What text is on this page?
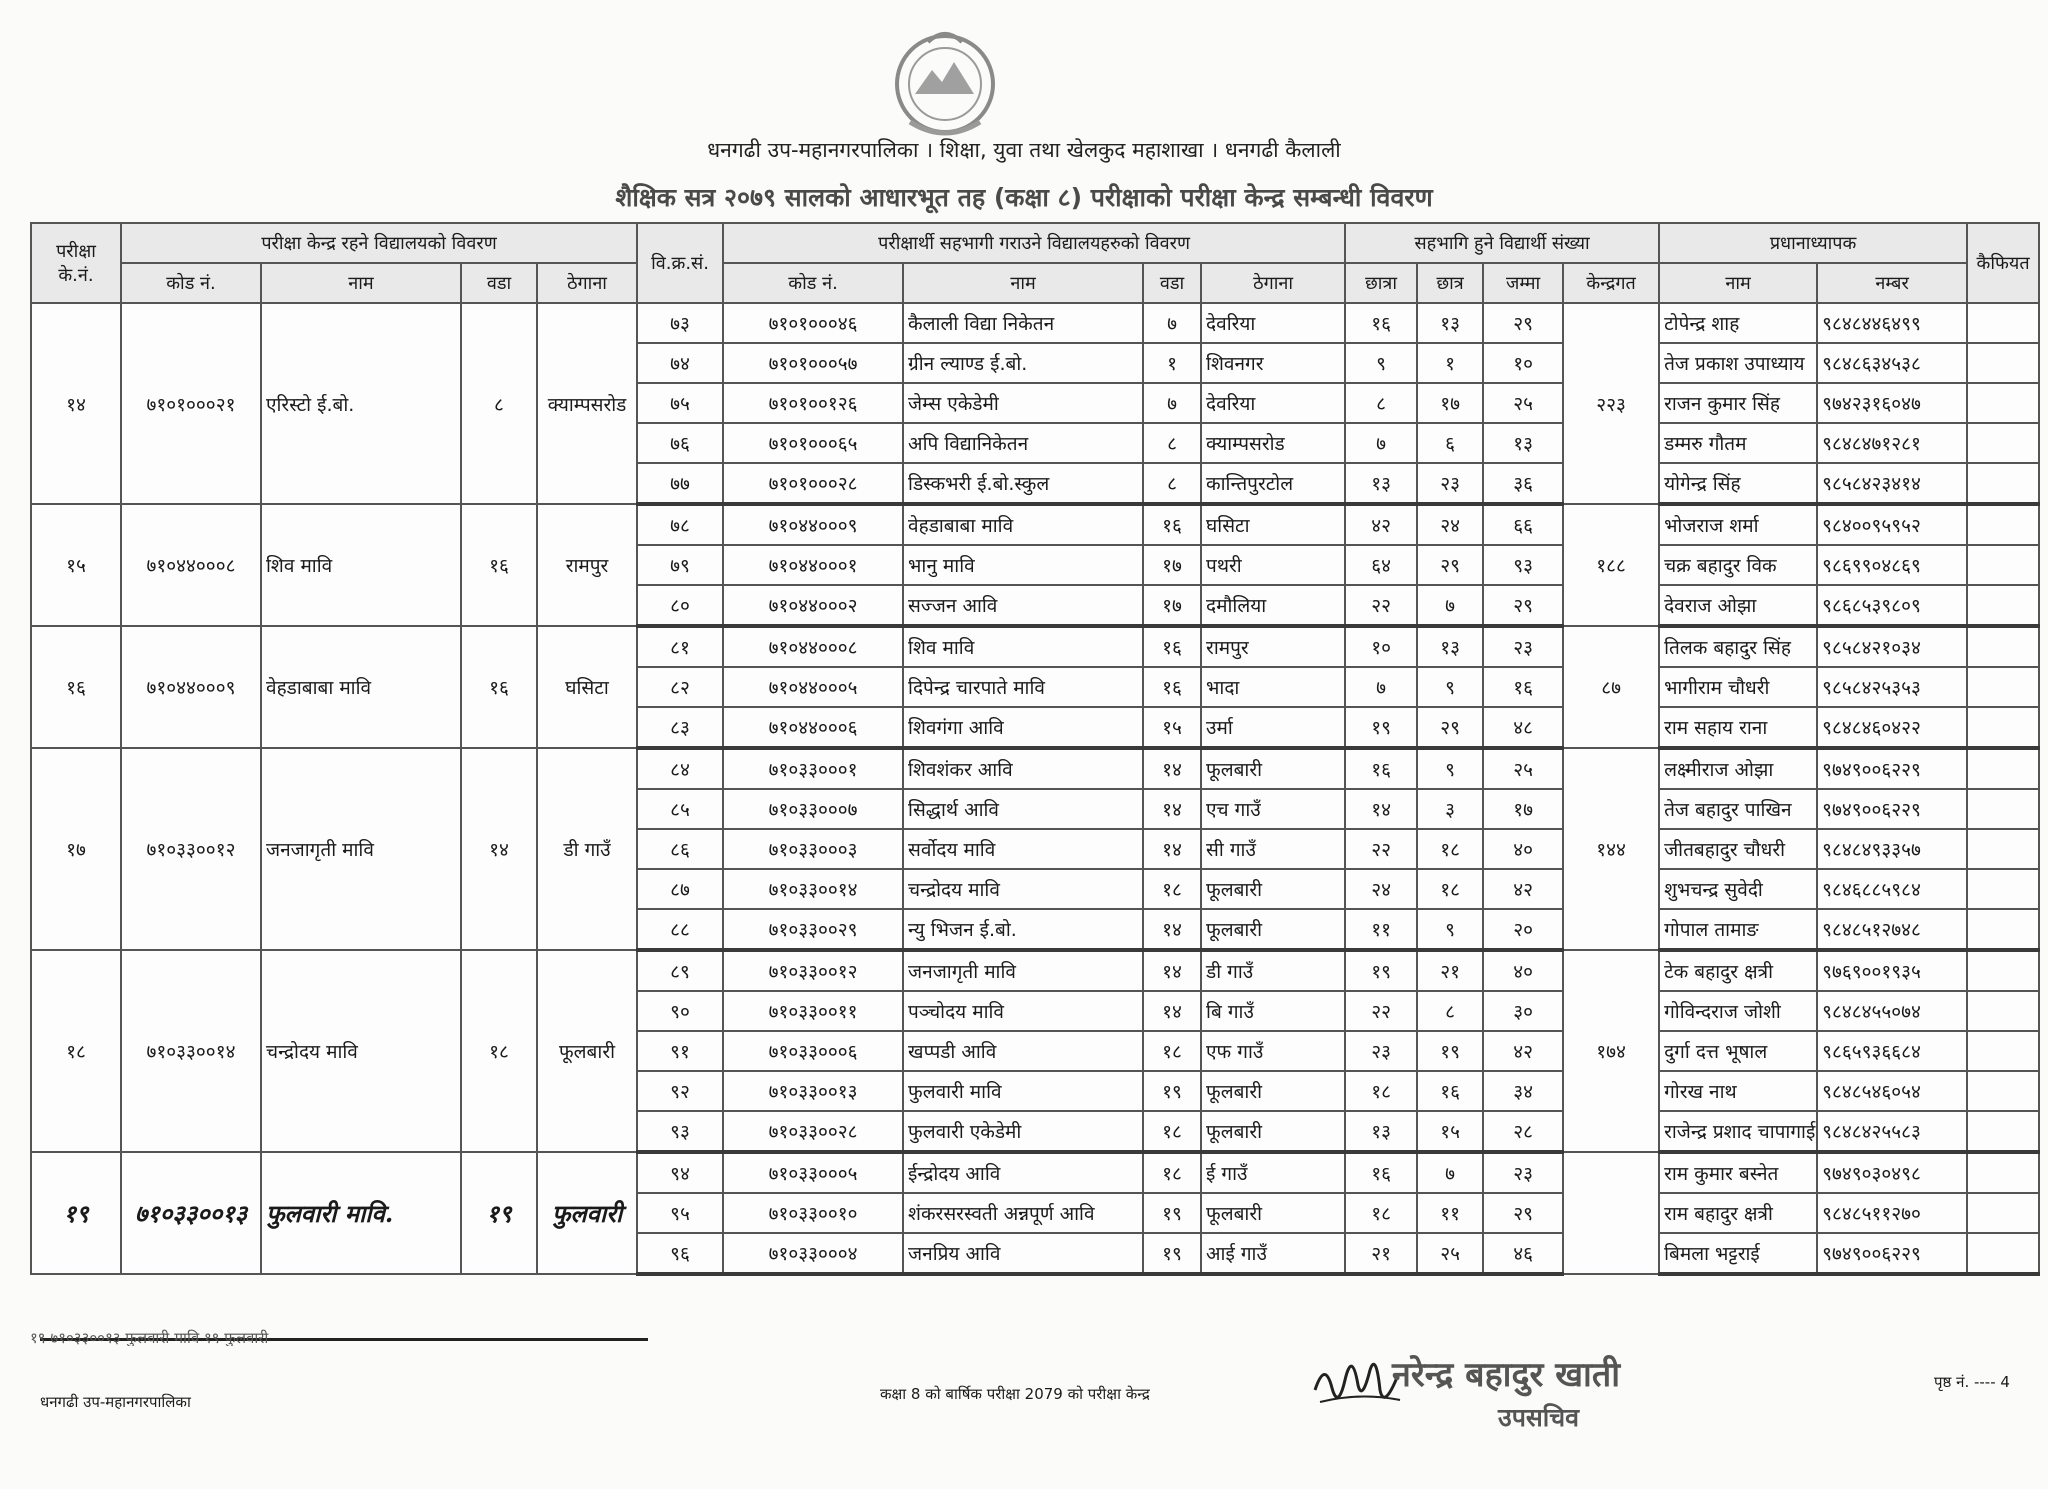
धनगढी उप-महानगरपालिका । शिक्षा, युवा तथा खेलकुद महाशाखा । धनगढी कैलाली
शैक्षिक सत्र २०७९ सालको आधारभूत तह (कक्षा ८) परीक्षाको परीक्षा केन्द्र सम्बन्धी विवरण
परीक्षा के.नं.	परीक्षा केन्द्र रहने विद्यालयको विवरण				वि.क्र.सं.	परीक्षार्थी सहभागी गराउने विद्यालयहरुको विवरण				सहभागि हुने विद्यार्थी संख्या				प्रधानाध्यापक		कैफियत
	कोड नं.	नाम	वडा	ठेगाना		कोड नं.	नाम	वडा	ठेगाना	छात्रा	छात्र	जम्मा	केन्द्रगत	नाम	नम्बर	
१४	७१०१०००२१	एरिस्टो ई.बो.	८	क्याम्पसरोड	७३	७१०१०००४६	कैलाली विद्या निकेतन	७	देवरिया	१६	१३	२९	२२३	टोपेन्द्र शाह	९८४८४४६४९९	
					७४	७१०१०००५७	ग्रीन ल्याण्ड ई.बो.	१	शिवनगर	९	१	१०		तेज प्रकाश उपाध्याय	९८४८६३४५३८	
					७५	७१०१००१२६	जेम्स एकेडेमी	७	देवरिया	८	१७	२५		राजन कुमार सिंह	९७४२३१६०४७	
					७६	७१०१०००६५	अपि विद्यानिकेतन	८	क्याम्पसरोड	७	६	१३		डम्मरु गौतम	९८४८४७१२८१	
					७७	७१०१०००२८	डिस्कभरी ई.बो.स्कुल	८	कान्तिपुरटोल	१३	२३	३६		योगेन्द्र सिंह	९८५८४२३४१४	
१५	७१०४४०००८	शिव मावि	१६	रामपुर	७८	७१०४४०००९	वेहडाबाबा मावि	१६	घसिटा	४२	२४	६६	१८८	भोजराज शर्मा	९८४००९५९५२	
					७९	७१०४४०००१	भानु मावि	१७	पथरी	६४	२९	९३		चक्र बहादुर विक	९८६९९०४८६९	
					८०	७१०४४०००२	सज्जन आवि	१७	दमौलिया	२२	७	२९		देवराज ओझा	९८६८५३९८०९	
१६	७१०४४०००९	वेहडाबाबा मावि	१६	घसिटा	८१	७१०४४०००८	शिव मावि	१६	रामपुर	१०	१३	२३	८७	तिलक बहादुर सिंह	९८५८४२१०३४	
					८२	७१०४४०००५	दिपेन्द्र चारपाते मावि	१६	भादा	७	९	१६		भागीराम चौधरी	९८५८४२५३५३	
					८३	७१०४४०००६	शिवगंगा आवि	१५	उर्मा	१९	२९	४८		राम सहाय राना	९८४८४६०४२२	
१७	७१०३३००१२	जनजागृती मावि	१४	डी गाउँ	८४	७१०३३०००१	शिवशंकर आवि	१४	फूलबारी	१६	९	२५	१४४	लक्ष्मीराज ओझा	९७४९००६२२९	
					८५	७१०३३०००७	सिद्धार्थ आवि	१४	एच गाउँ	१४	३	१७		तेज बहादुर पाखिन	९७४९००६२२९	
					८६	७१०३३०००३	सर्वोदय मावि	१४	सी गाउँ	२२	१८	४०		जीतबहादुर चौधरी	९८४८४९३३५७	
					८७	७१०३३००१४	चन्द्रोदय मावि	१८	फूलबारी	२४	१८	४२		शुभचन्द्र सुवेदी	९८४६८८५९८४	
					८८	७१०३३००२९	न्यु भिजन ई.बो.	१४	फूलबारी	११	९	२०		गोपाल तामाङ	९८४८५१२७४८	
१८	७१०३३००१४	चन्द्रोदय मावि	१८	फूलबारी	८९	७१०३३००१२	जनजागृती मावि	१४	डी गाउँ	१९	२१	४०	१७४	टेक बहादुर क्षत्री	९७६९००१९३५	
					९०	७१०३३००११	पञ्चोदय मावि	१४	बि गाउँ	२२	८	३०		गोविन्दराज जोशी	९८४८४५५०७४	
					९१	७१०३३०००६	खप्पडी आवि	१८	एफ गाउँ	२३	१९	४२		दुर्गा दत्त भूषाल	९८६५९३६६८४	
					९२	७१०३३००१३	फुलवारी मावि	१९	फूलबारी	१८	१६	३४		गोरख नाथ	९८४८५४६०५४	
					९३	७१०३३००२८	फुलवारी एकेडेमी	१८	फूलबारी	१३	१५	२८		राजेन्द्र प्रशाद चापागाई	९८४८४२५५८३	
१९	७१०३३००१३	फुलवारी मावि.	१९	फुलवारी	९४	७१०३३०००५	ईन्द्रोदय आवि	१८	ई गाउँ	१६	७	२३		राम कुमार बस्नेत	९७४९०३०४९८	
					९५	७१०३३००१०	शंकरसरस्वती अन्नपूर्ण आवि	१९	फूलबारी	१८	११	२९		राम बहादुर क्षत्री	९८४८५११२७०	
					९६	७१०३३०००४	जनप्रिय आवि	१९	आई गाउँ	२१	२५	४६		बिमला भट्टराई	९७४९००६२२९	
१९ ७१०३३००१३ फुलवारी मावि १९ फुलवारी
धनगढी उप-महानगरपालिका	कक्षा 8 को बार्षिक परीक्षा 2079 को परीक्षा केन्द्र
पृष्ठ नं. ---- 4
नरेन्द्र बहादुर खाती
उपसचिव
